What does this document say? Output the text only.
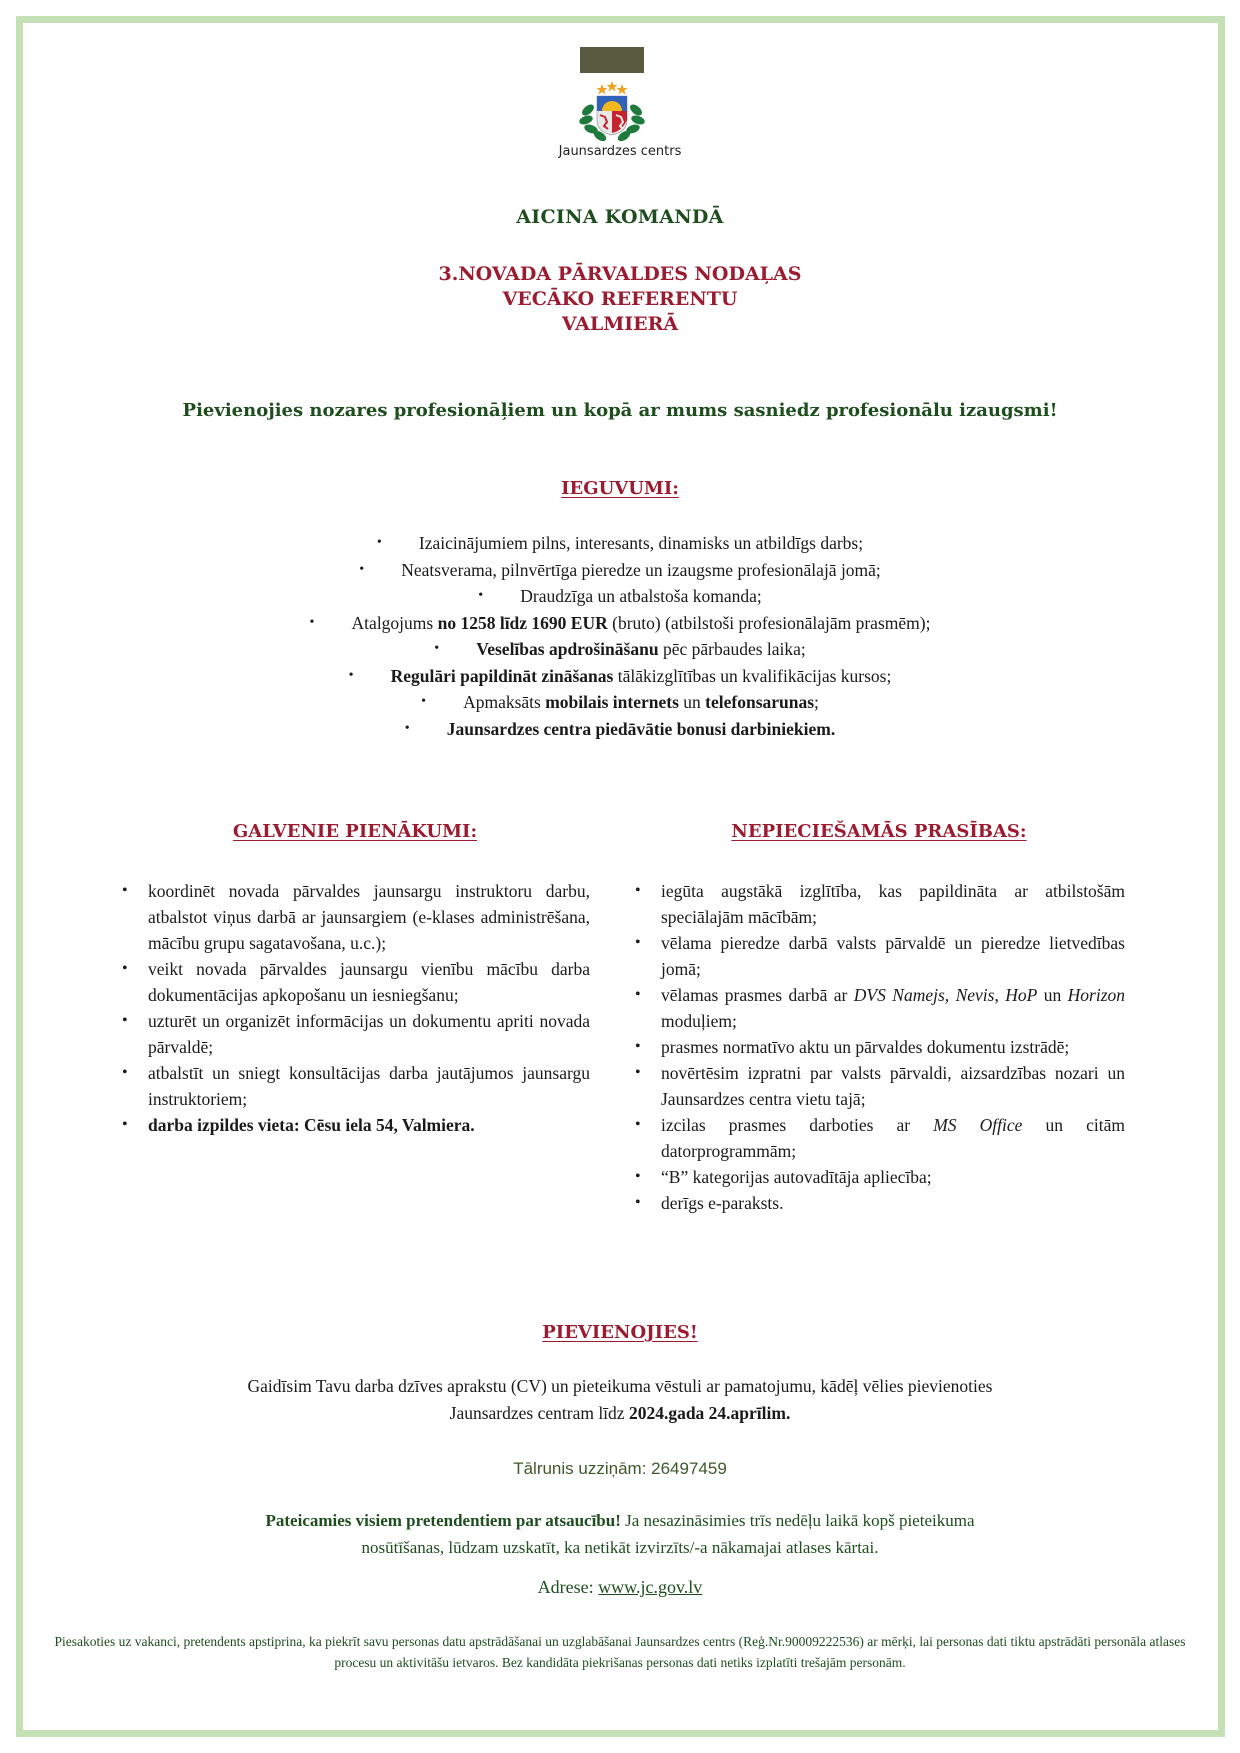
Jaunsardzes centrs
AICINA KOMANDĀ
3.NOVADA PĀRVALDES NODAĻAS
VECĀKO REFERENTU
VALMIERĀ
Pievienojies nozares profesionāļiem un kopā ar mums sasniedz profesionālu izaugsmi!
IEGUVUMI:
•	Izaicinājumiem pilns, interesants, dinamisks un atbildīgs darbs;
•	Neatsverama, pilnvērtīga pieredze un izaugsme profesionālajā jomā;
•	Draudzīga un atbalstoša komanda;
•	Atalgojums no 1258 līdz 1690 EUR (bruto) (atbilstoši profesionālajām prasmēm);
•	Veselības apdrošināšanu pēc pārbaudes laika;
•	Regulāri papildināt zināšanas tālākizglītības un kvalifikācijas kursos;
•	Apmaksāts mobilais internets un telefonsarunas;
•	Jaunsardzes centra piedāvātie bonusi darbiniekiem.
GALVENIE PIENĀKUMI:	NEPIECIEŠAMĀS PRASĪBAS:
• koordinēt novada pārvaldes jaunsargu instruktoru darbu, atbalstot viņus darbā ar jaunsargiem (e-klases administrēšana, mācību grupu sagatavošana, u.c.);
• veikt novada pārvaldes jaunsargu vienību mācību darba dokumentācijas apkopošanu un iesniegšanu;
• uzturēt un organizēt informācijas un dokumentu apriti novada pārvaldē;
• atbalstīt un sniegt konsultācijas darba jautājumos jaunsargu instruktoriem;
• darba izpildes vieta: Cēsu iela 54, Valmiera.
• iegūta augstākā izglītība, kas papildināta ar atbilstošām speciālajām mācībām;
• vēlama pieredze darbā valsts pārvaldē un pieredze lietvedības jomā;
• vēlamas prasmes darbā ar DVS Namejs, Nevis, HoP un Horizon moduļiem;
• prasmes normatīvo aktu un pārvaldes dokumentu izstrādē;
• novērtēsim izpratni par valsts pārvaldi, aizsardzības nozari un Jaunsardzes centra vietu tajā;
• izcilas prasmes darboties ar MS Office un citām datorprogrammām;
• “B” kategorijas autovadītāja apliecība;
• derīgs e-paraksts.
PIEVIENOJIES!
Gaidīsim Tavu darba dzīves aprakstu (CV) un pieteikuma vēstuli ar pamatojumu, kādēļ vēlies pievienoties
Jaunsardzes centram līdz 2024.gada 24.aprīlim.
Tālrunis uzziņām: 26497459
Pateicamies visiem pretendentiem par atsaucību! Ja nesazināsimies trīs nedēļu laikā kopš pieteikuma
nosūtīšanas, lūdzam uzskatīt, ka netikāt izvirzīts/-a nākamajai atlases kārtai.
Adrese: www.jc.gov.lv
Piesakoties uz vakanci, pretendents apstiprina, ka piekrīt savu personas datu apstrādāšanai un uzglabāšanai Jaunsardzes centrs (Reģ.Nr.90009222536) ar mērķi, lai personas dati tiktu apstrādāti personāla atlases procesu un aktivitāšu ietvaros. Bez kandidāta piekrišanas personas dati netiks izplatīti trešajām personām.
